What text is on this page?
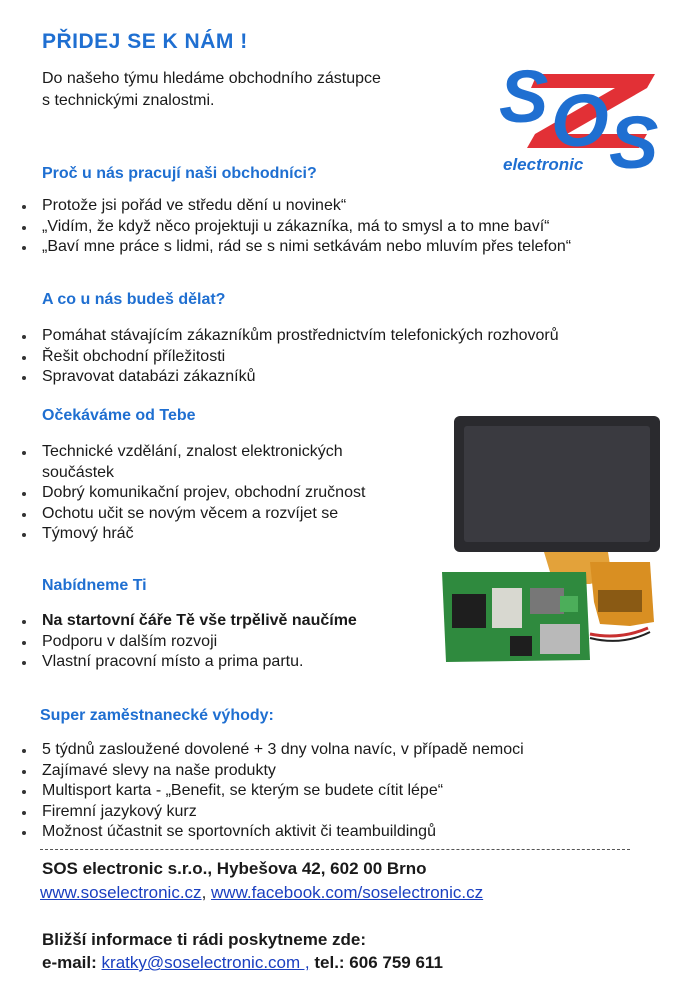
PŘIDEJ SE K NÁM !
Do našeho týmu hledáme obchodního zástupce
s technickými znalostmi.	S O S
electronic
Proč u nás pracují naši obchodníci?
Protože jsi pořád ve středu dění u novinek“
„Vidím, že když něco projektuji u zákazníka, má to smysl a to mne baví“
„Baví mne práce s lidmi, rád se s nimi setkávám nebo mluvím přes telefon“
A co u nás budeš dělat?
Pomáhat stávajícím zákazníkům prostřednictvím telefonických rozhovorů
Řešit obchodní příležitosti
Spravovat databázi zákazníků
Očekáváme od Tebe
Technické vzdělání, znalost elektronických součástek
Dobrý komunikační projev, obchodní zručnost
Ochotu učit se novým věcem a rozvíjet se
Týmový hráč
Nabídneme Ti
Na startovní čáře Tě vše trpělivě naučíme
Podporu v dalším rozvoji
Vlastní pracovní místo a prima partu.
Super zaměstnanecké výhody:
5 týdnů zasloužené dovolené + 3 dny volna navíc, v případě nemoci
Zajímavé slevy na naše produkty
Multisport karta - „Benefit, se kterým se budete cítit lépe“
Firemní jazykový kurz
Možnost účastnit se sportovních aktivit či teambuildingů
SOS electronic s.r.o., Hybešova 42, 602 00 Brno
www.soselectronic.cz, www.facebook.com/soselectronic.cz
Bližší informace ti rádi poskytneme zde:
e-mail: kratky@soselectronic.com , tel.: 606 759 611
